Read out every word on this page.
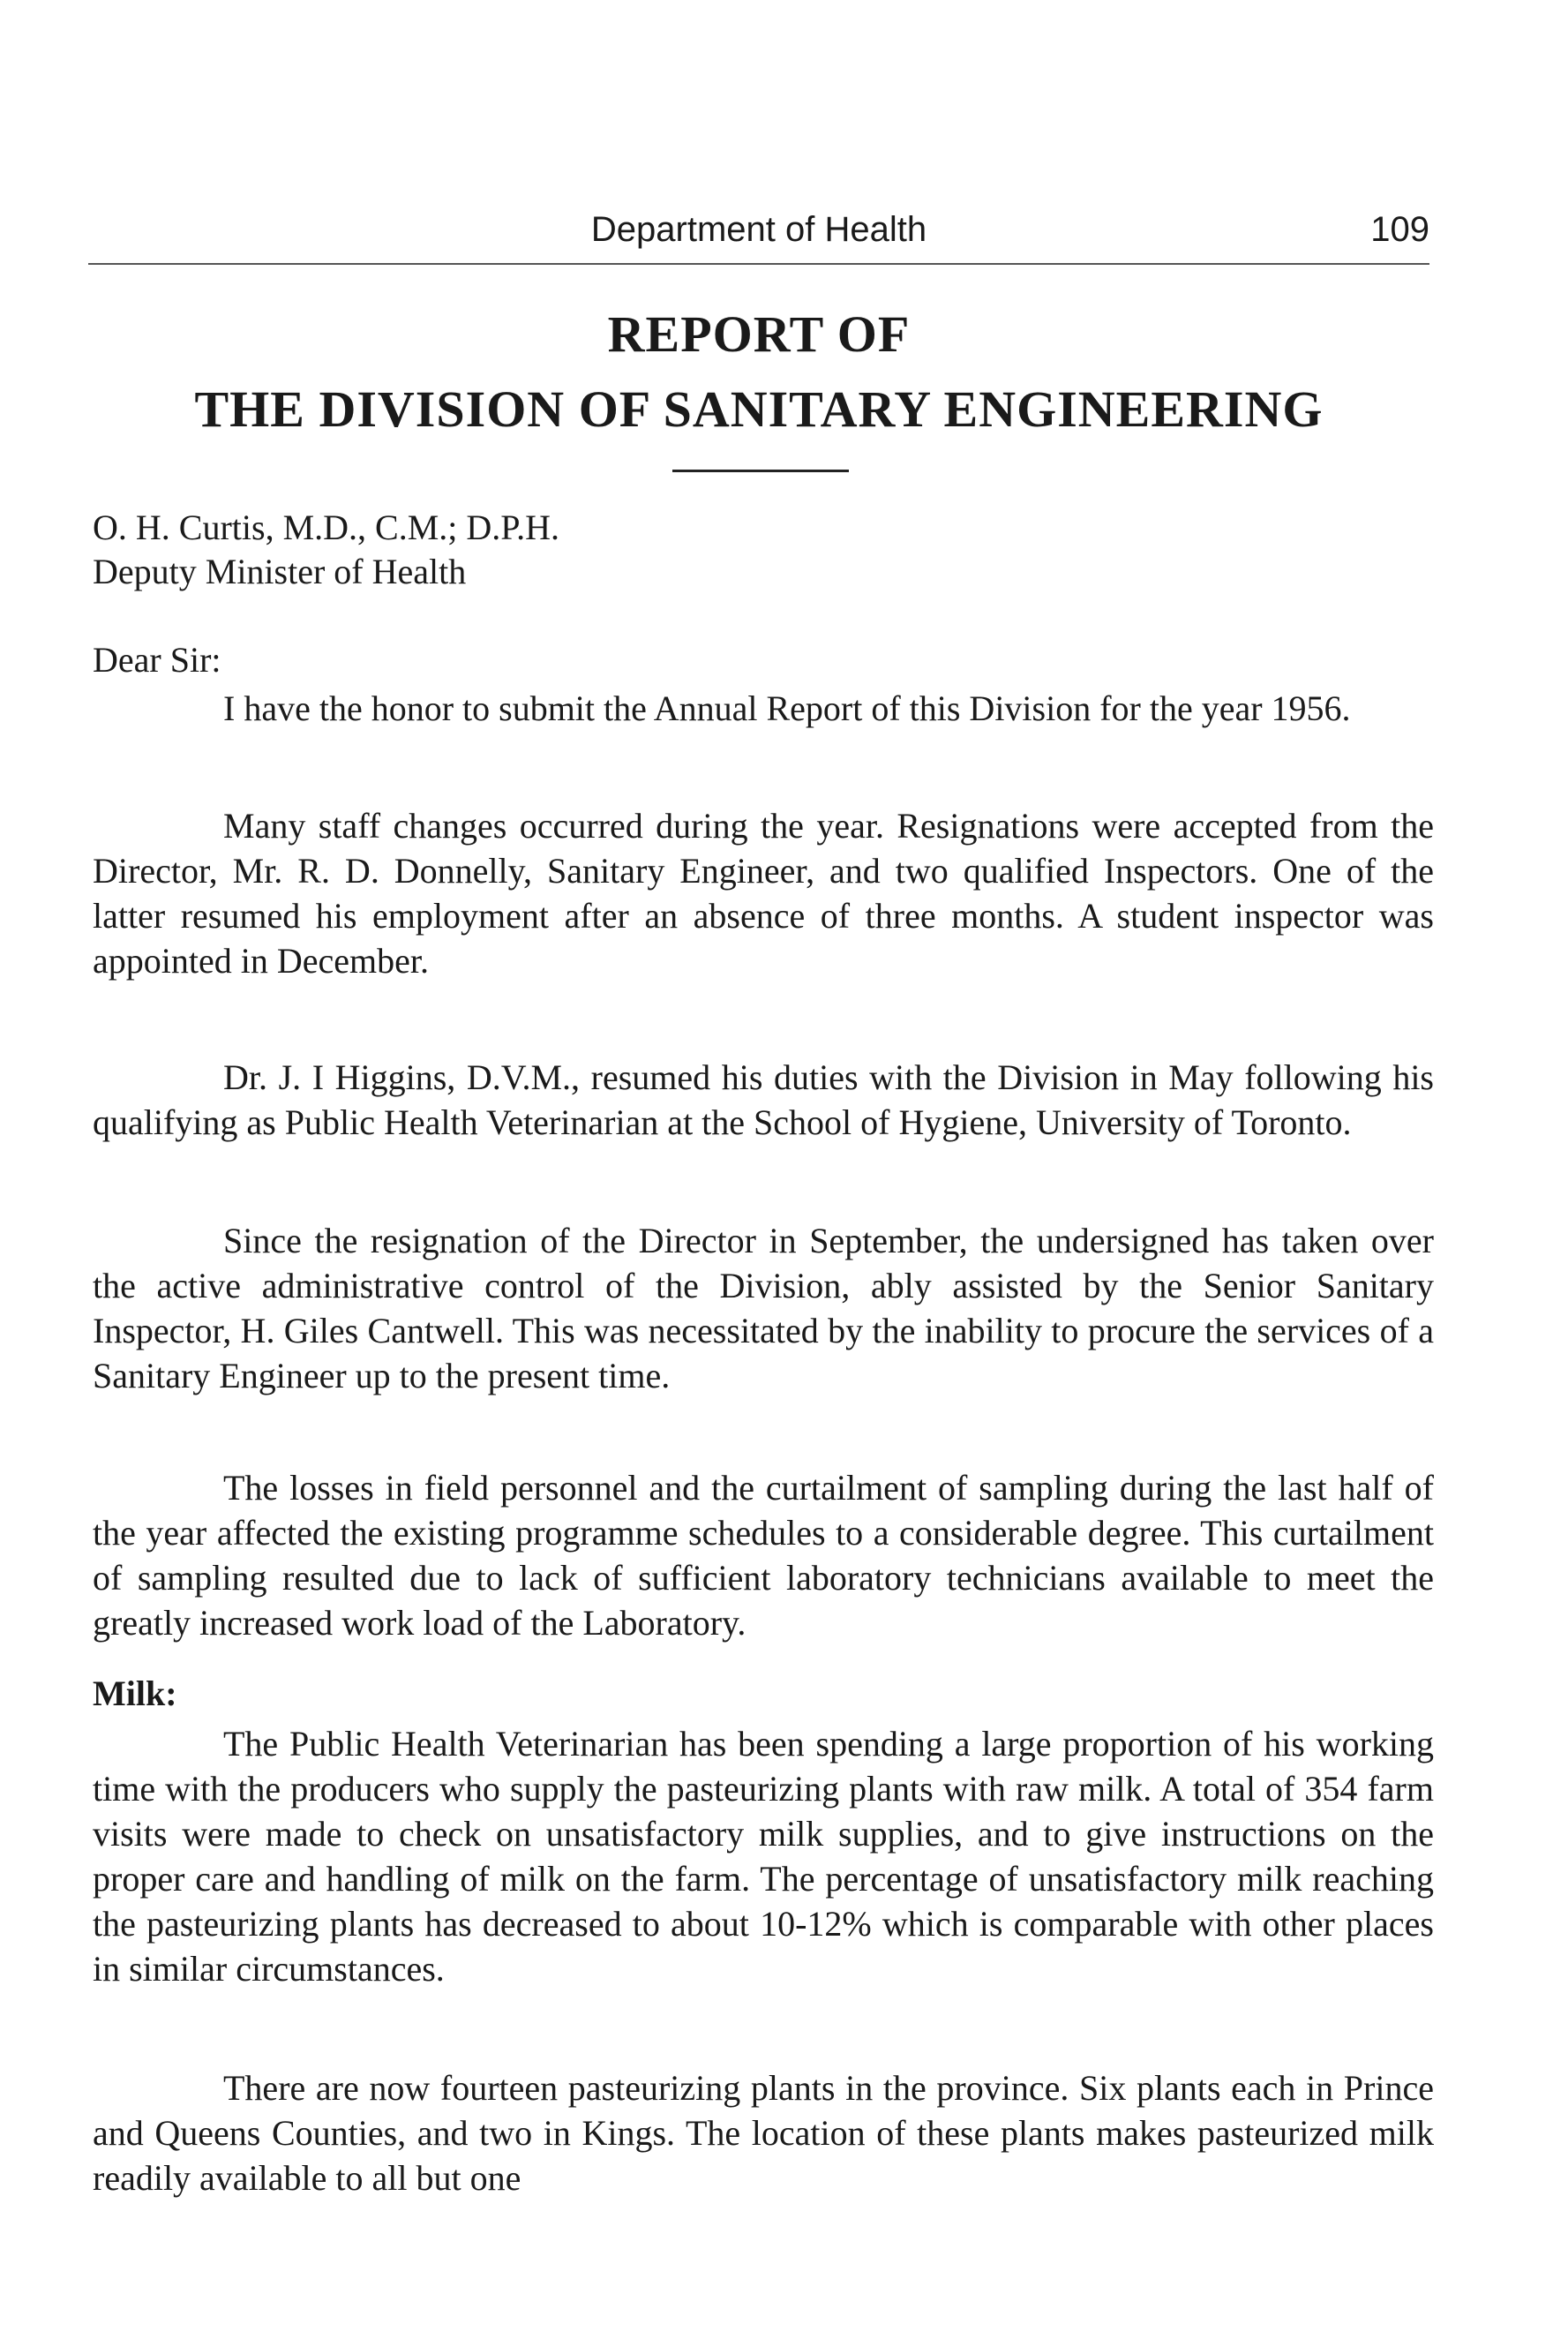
Department of Health	109
REPORT OF
THE DIVISION OF SANITARY ENGINEERING
O. H. Curtis, M.D., C.M.; D.P.H.
Deputy Minister of Health
Dear Sir:

I have the honor to submit the Annual Report of this Division for the year 1956.

Many staff changes occurred during the year. Resignations were accepted from the Director, Mr. R. D. Donnelly, Sanitary Engineer, and two qualified Inspectors. One of the latter resumed his employment after an absence of three months. A student inspector was appointed in December.

Dr. J. I Higgins, D.V.M., resumed his duties with the Division in May following his qualifying as Public Health Veterinarian at the School of Hygiene, University of Toronto.

Since the resignation of the Director in September, the undersigned has taken over the active administrative control of the Division, ably assisted by the Senior Sanitary Inspector, H. Giles Cantwell. This was necessitated by the inability to procure the services of a Sanitary Engineer up to the present time.

The losses in field personnel and the curtailment of sampling during the last half of the year affected the existing programme schedules to a considerable degree. This curtailment of sampling resulted due to lack of sufficient laboratory technicians available to meet the greatly increased work load of the Laboratory.

Milk:

The Public Health Veterinarian has been spending a large proportion of his working time with the producers who supply the pasteurizing plants with raw milk. A total of 354 farm visits were made to check on unsatisfactory milk supplies, and to give instructions on the proper care and handling of milk on the farm. The percentage of unsatisfactory milk reaching the pasteurizing plants has decreased to about 10-12% which is comparable with other places in similar circumstances.

There are now fourteen pasteurizing plants in the province. Six plants each in Prince and Queens Counties, and two in Kings. The location of these plants makes pasteurized milk readily available to all but one
